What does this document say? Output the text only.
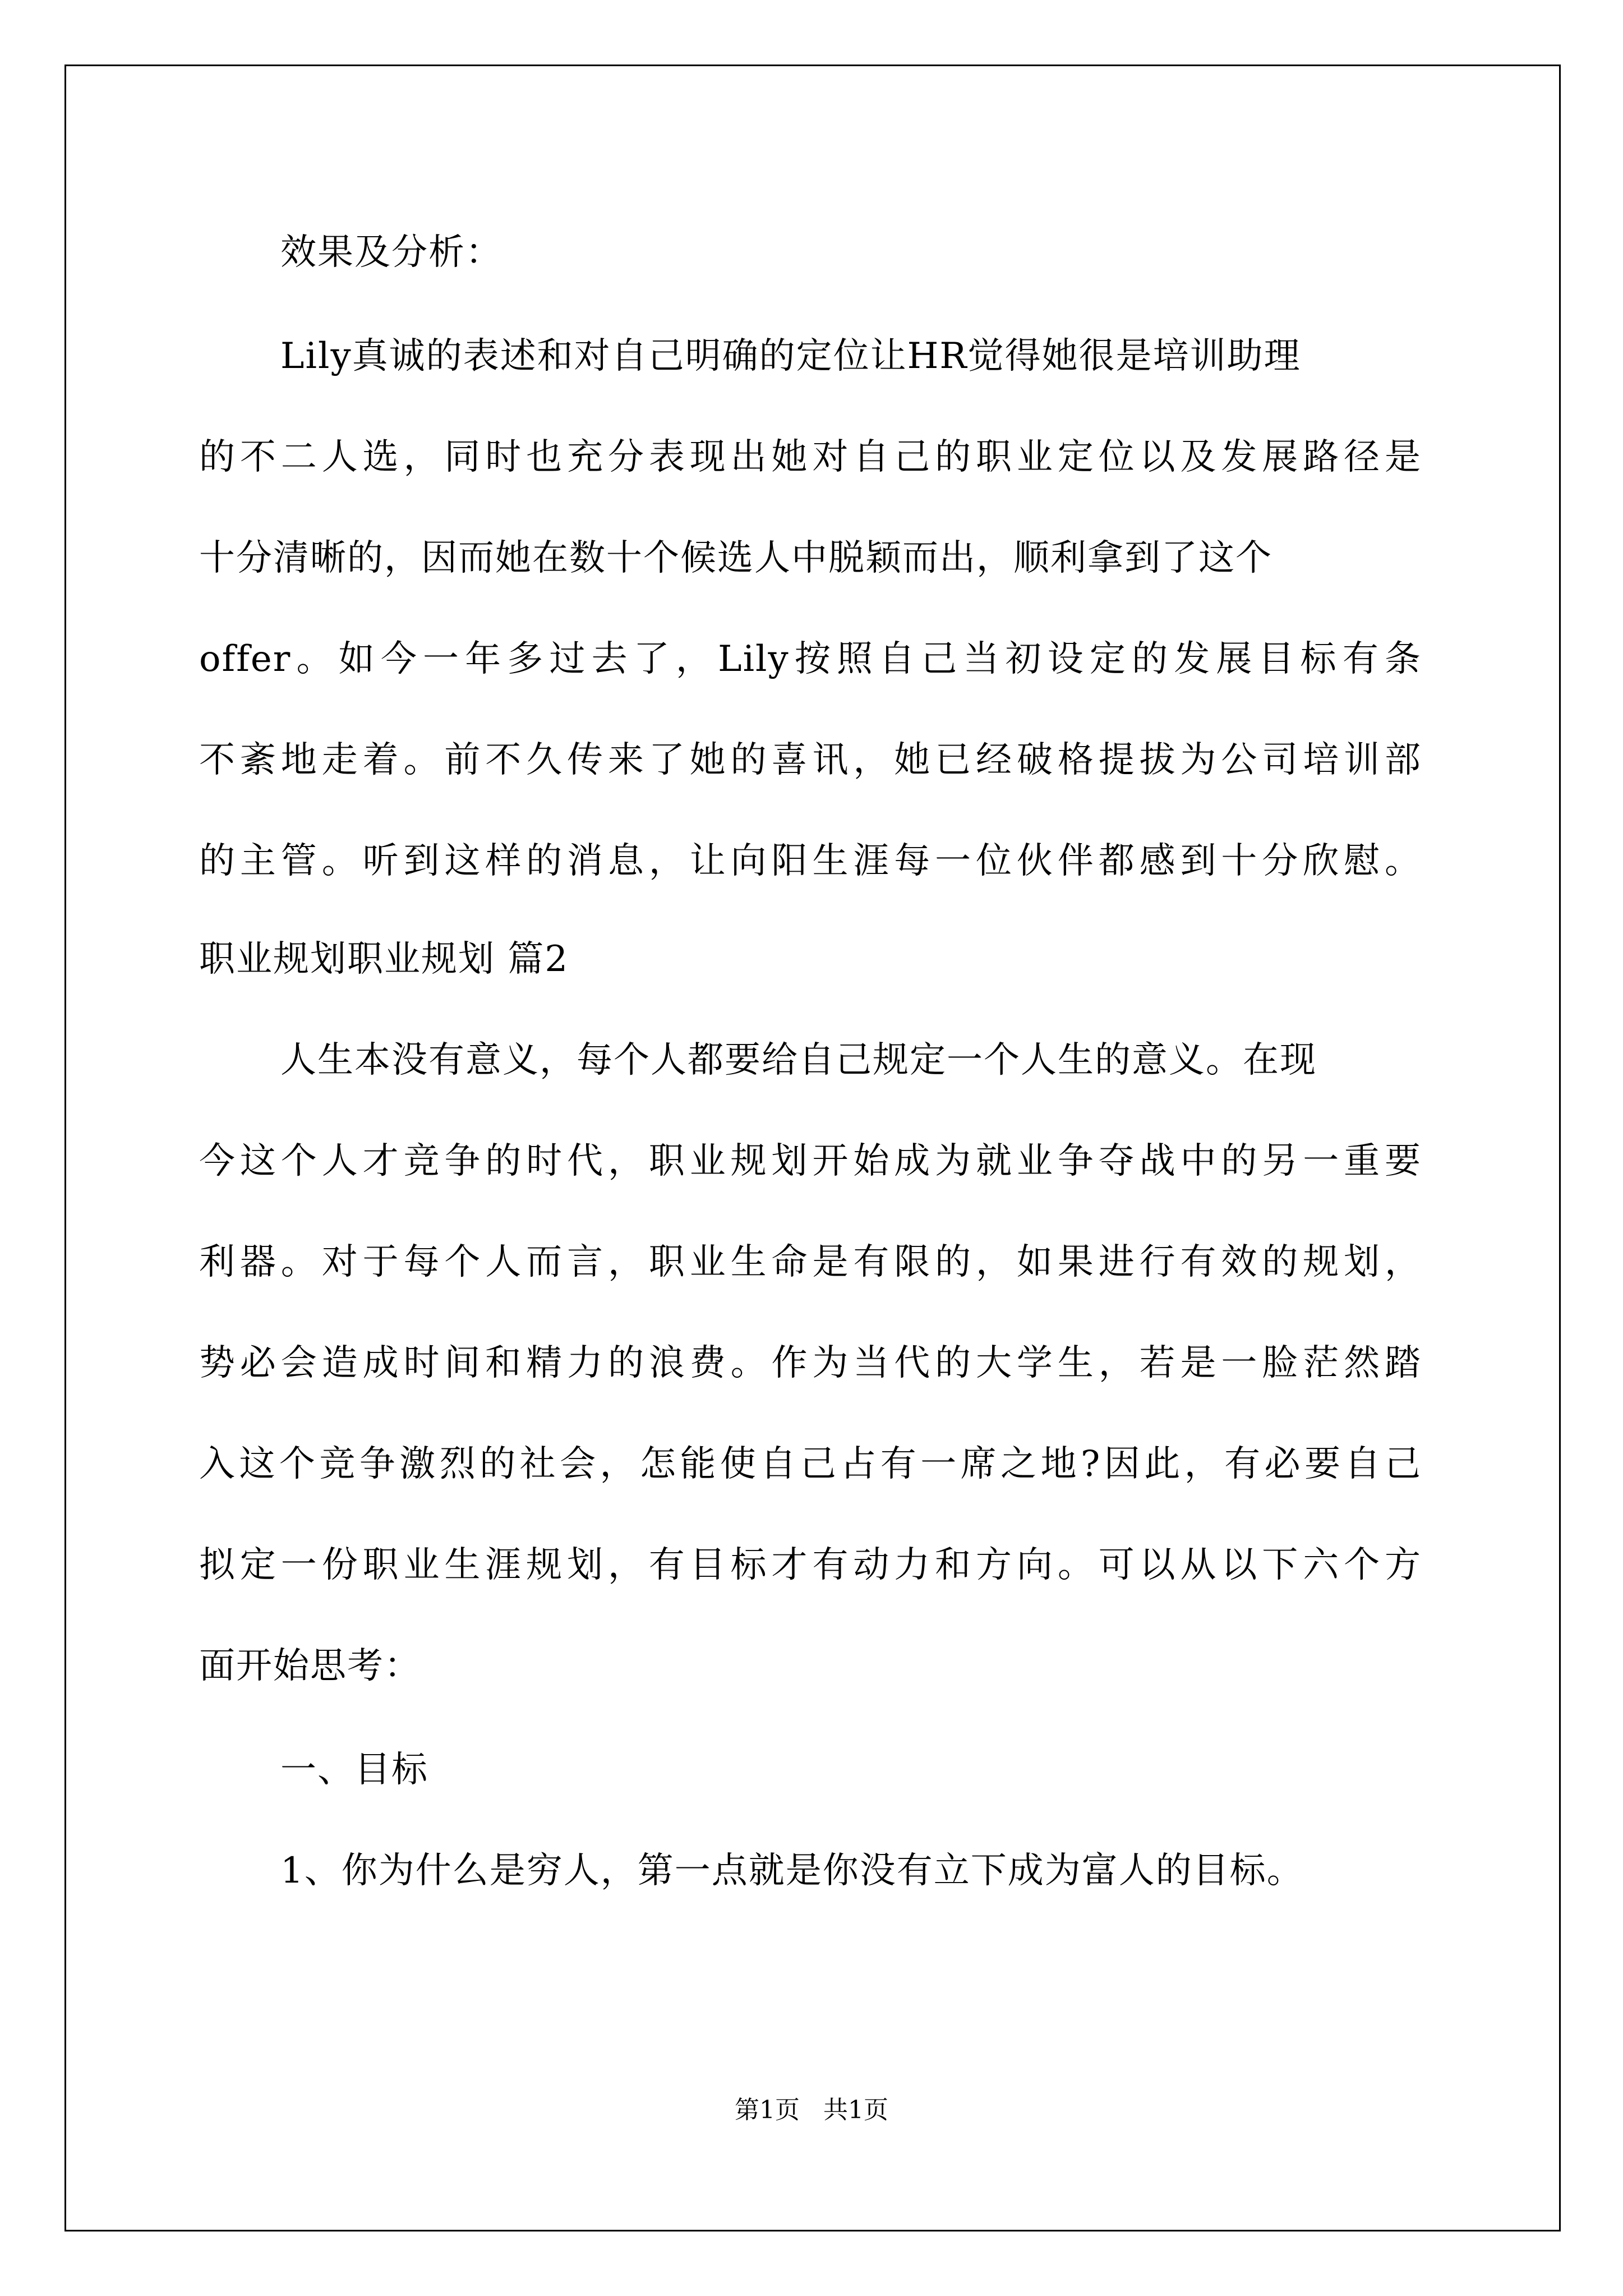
效果及分析：
Lily真诚的表述和对自己明确的定位让HR觉得她很是培训助理
的不二人选，同时也充分表现出她对自己的职业定位以及发展路径是
十分清晰的，因而她在数十个候选人中脱颖而出，顺利拿到了这个
offer。如今一年多过去了，Lily按照自己当初设定的发展目标有条
不紊地走着。前不久传来了她的喜讯，她已经破格提拔为公司培训部
的主管。听到这样的消息，让向阳生涯每一位伙伴都感到十分欣慰。
职业规划职业规划 篇2
人生本没有意义，每个人都要给自己规定一个人生的意义。在现
今这个人才竞争的时代，职业规划开始成为就业争夺战中的另一重要
利器。对于每个人而言，职业生命是有限的，如果进行有效的规划，
势必会造成时间和精力的浪费。作为当代的大学生，若是一脸茫然踏
入这个竞争激烈的社会，怎能使自己占有一席之地?因此，有必要自己
拟定一份职业生涯规划，有目标才有动力和方向。可以从以下六个方
面开始思考：
一、目标
1、你为什么是穷人，第一点就是你没有立下成为富人的目标。
第1页   共1页
